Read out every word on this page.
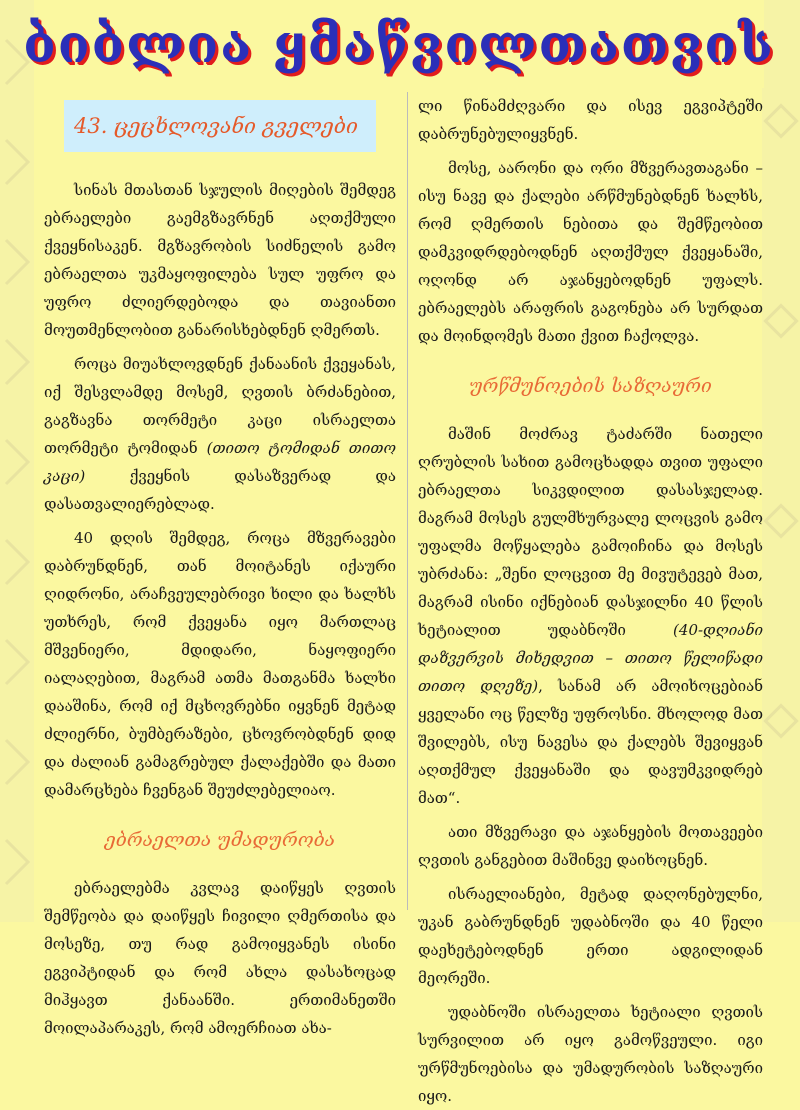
ბიბლია ყმაწვილთათვის
43. ცეცხლოვანი გველები

სინას მთასთან სჯულის მიღების შემდეგ ებრაელები გაემგზავრნენ აღთქმული ქვეყნისაკენ. მგზავრობის სიძნელის გამო ებრაელთა უკმაყოფილება სულ უფრო და უფრო ძლიერდებოდა და თავიანთი მოუთმენლობით განარისხებდნენ ღმერთს.

როცა მიუახლოვდნენ ქანაანის ქვეყანას, იქ შესვლამდე მოსემ, ღვთის ბრძანებით, გაგზავნა თორმეტი კაცი ისრაელთა თორმეტი ტომიდან (თითო ტომიდან თითო კაცი)	ქვეყნის დასაზვერად და დასათვალიერებლად.

40 დღის შემდეგ, როცა მზვერავები დაბრუნდნენ, თან მოიტანეს იქაური ღიდრონი, არაჩვეულებრივი ხილი და ხალხს უთხრეს, რომ ქვეყანა იყო მართლაც მშვენიერი, მდიდარი, ნაყოფიერი იალაღებით, მაგრამ ათმა მათგანმა ხალხი დააშინა, რომ იქ მცხოვრებნი იყვნენ მეტად ძლიერნი, ბუმბერაზები, ცხოვრობდნენ დიდ და ძალიან გამაგრებულ ქალაქებში და მათი დამარცხება ჩვენგან შეუძლებელიაო.

ებრაელთა უმადურობა

ებრაელებმა კვლავ დაიწყეს ღვთის შემწეობა და დაიწყეს ჩივილი ღმერთისა და მოსეზე, თუ რად გამოიყვანეს ისინი ეგვიპტიდან და რომ ახლა დასახოცად მიჰყავთ ქანაანში. ერთიმანეთში მოილაპარაკეს, რომ ამოერჩიათ ახა-

ლი წინამძღვარი და ისევ ეგვიპტეში დაბრუნებულიყვნენ.

მოსე, აარონი და ორი მზვერავთაგანი – ისუ ნავე და ქალები არწმუნებდნენ ხალხს, რომ ღმერთის ნებითა და შემწეობით დამკვიდრდებოდნენ აღთქმულ ქვეყანაში, ოღონდ არ აჯანყებოდნენ უფალს. ებრაელებს არაფრის გაგონება არ სურდათ და მოინდომეს მათი ქვით ჩაქოლვა.

ურწმუნოების საზღაური

მაშინ მოძრავ ტაძარში ნათელი ღრუბლის სახით გამოცხადდა თვით უფალი ებრაელთა სიკვდილით დასასჯელად. მაგრამ მოსეს გულმხურვალე ლოცვის გამო უფალმა მოწყალება გამოიჩინა და მოსეს უბრძანა: „შენი ლოცვით მე მივუტევებ მათ, მაგრამ ისინი იქნებიან დასჯილნი 40 წლის ხეტიალით უდაბნოში	(40-დღიანი დაზვერვის მიხედვით – თითო წელიწადი თითო დღეზე), სანამ არ ამოიხოცებიან ყველანი ოც წელზე უფროსნი. მხოლოდ მათ შვილებს, ისუ ნავესა და ქალებს შევიყვან აღთქმულ ქვეყანაში და დავუმკვიდრებ მათ“.

ათი მზვერავი და აჯანყების მოთავეები ღვთის განგებით მაშინვე დაიხოცნენ.

ისრაელიანები, მეტად დაღონებულნი, უკან გაბრუნდნენ უდაბნოში და 40 წელი დაეხეტებოდნენ ერთი ადგილიდან მეორეში.

უდაბნოში ისრაელთა ხეტიალი ღვთის სურვილით არ იყო გამოწვეული. იგი ურწმუნოებისა და უმადურობის საზღაური იყო.
